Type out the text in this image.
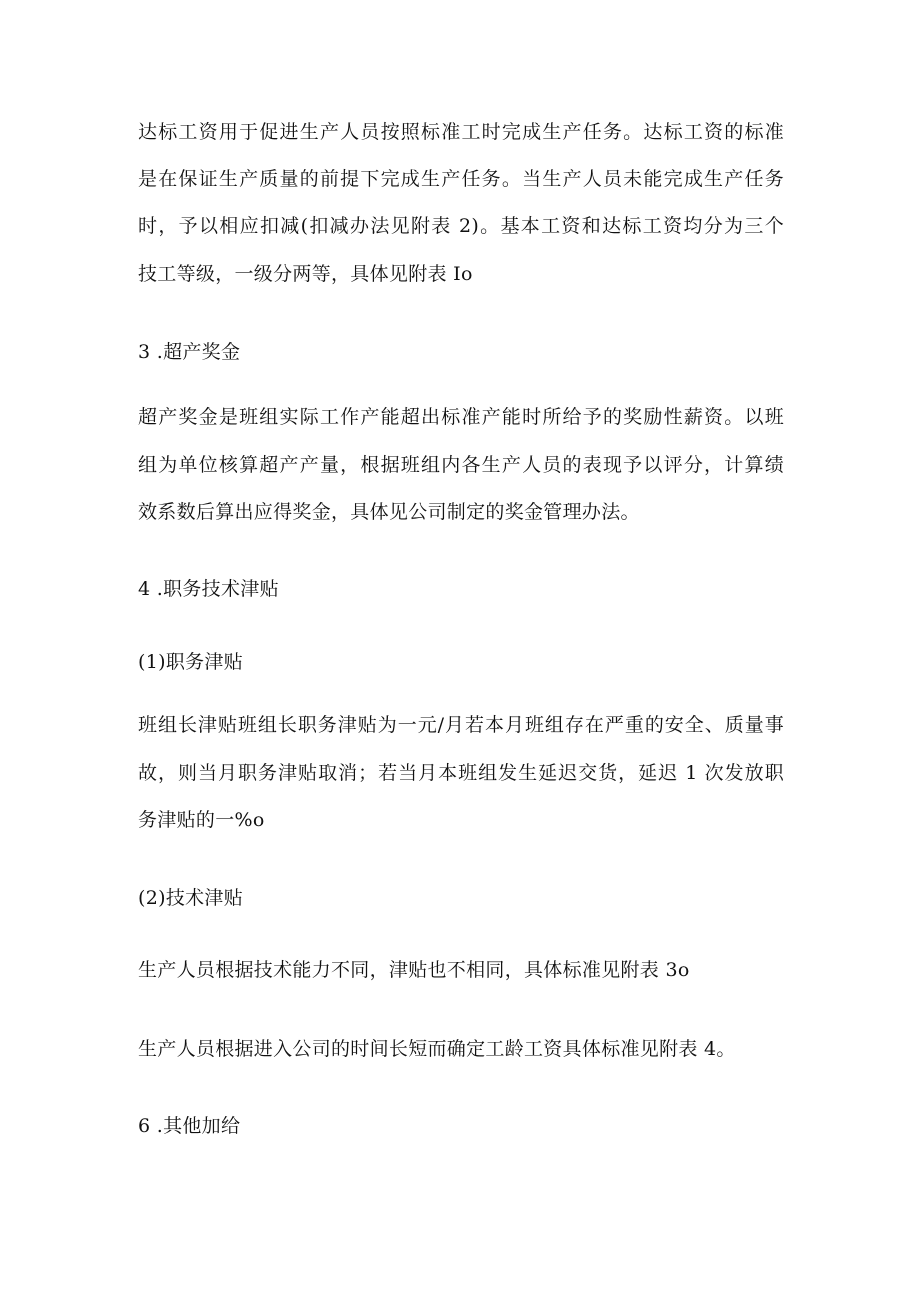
达标工资用于促进生产人员按照标准工时完成生产任务。达标工资的标准
是在保证生产质量的前提下完成生产任务。当生产人员未能完成生产任务
时，予以相应扣减(扣减办法见附表 2)。基本工资和达标工资均分为三个
技工等级，一级分两等，具体见附表 Io
3 .超产奖金
超产奖金是班组实际工作产能超出标准产能时所给予的奖励性薪资。以班
组为单位核算超产产量，根据班组内各生产人员的表现予以评分，计算绩
效系数后算出应得奖金，具体见公司制定的奖金管理办法。
4 .职务技术津贴
(1)职务津贴
班组长津贴班组长职务津贴为一元/月若本月班组存在严重的安全、质量事
故，则当月职务津贴取消；若当月本班组发生延迟交货，延迟 1 次发放职
务津贴的一%o
(2)技术津贴
生产人员根据技术能力不同，津贴也不相同，具体标准见附表 3o
生产人员根据进入公司的时间长短而确定工龄工资具体标准见附表 4。
6 .其他加给
